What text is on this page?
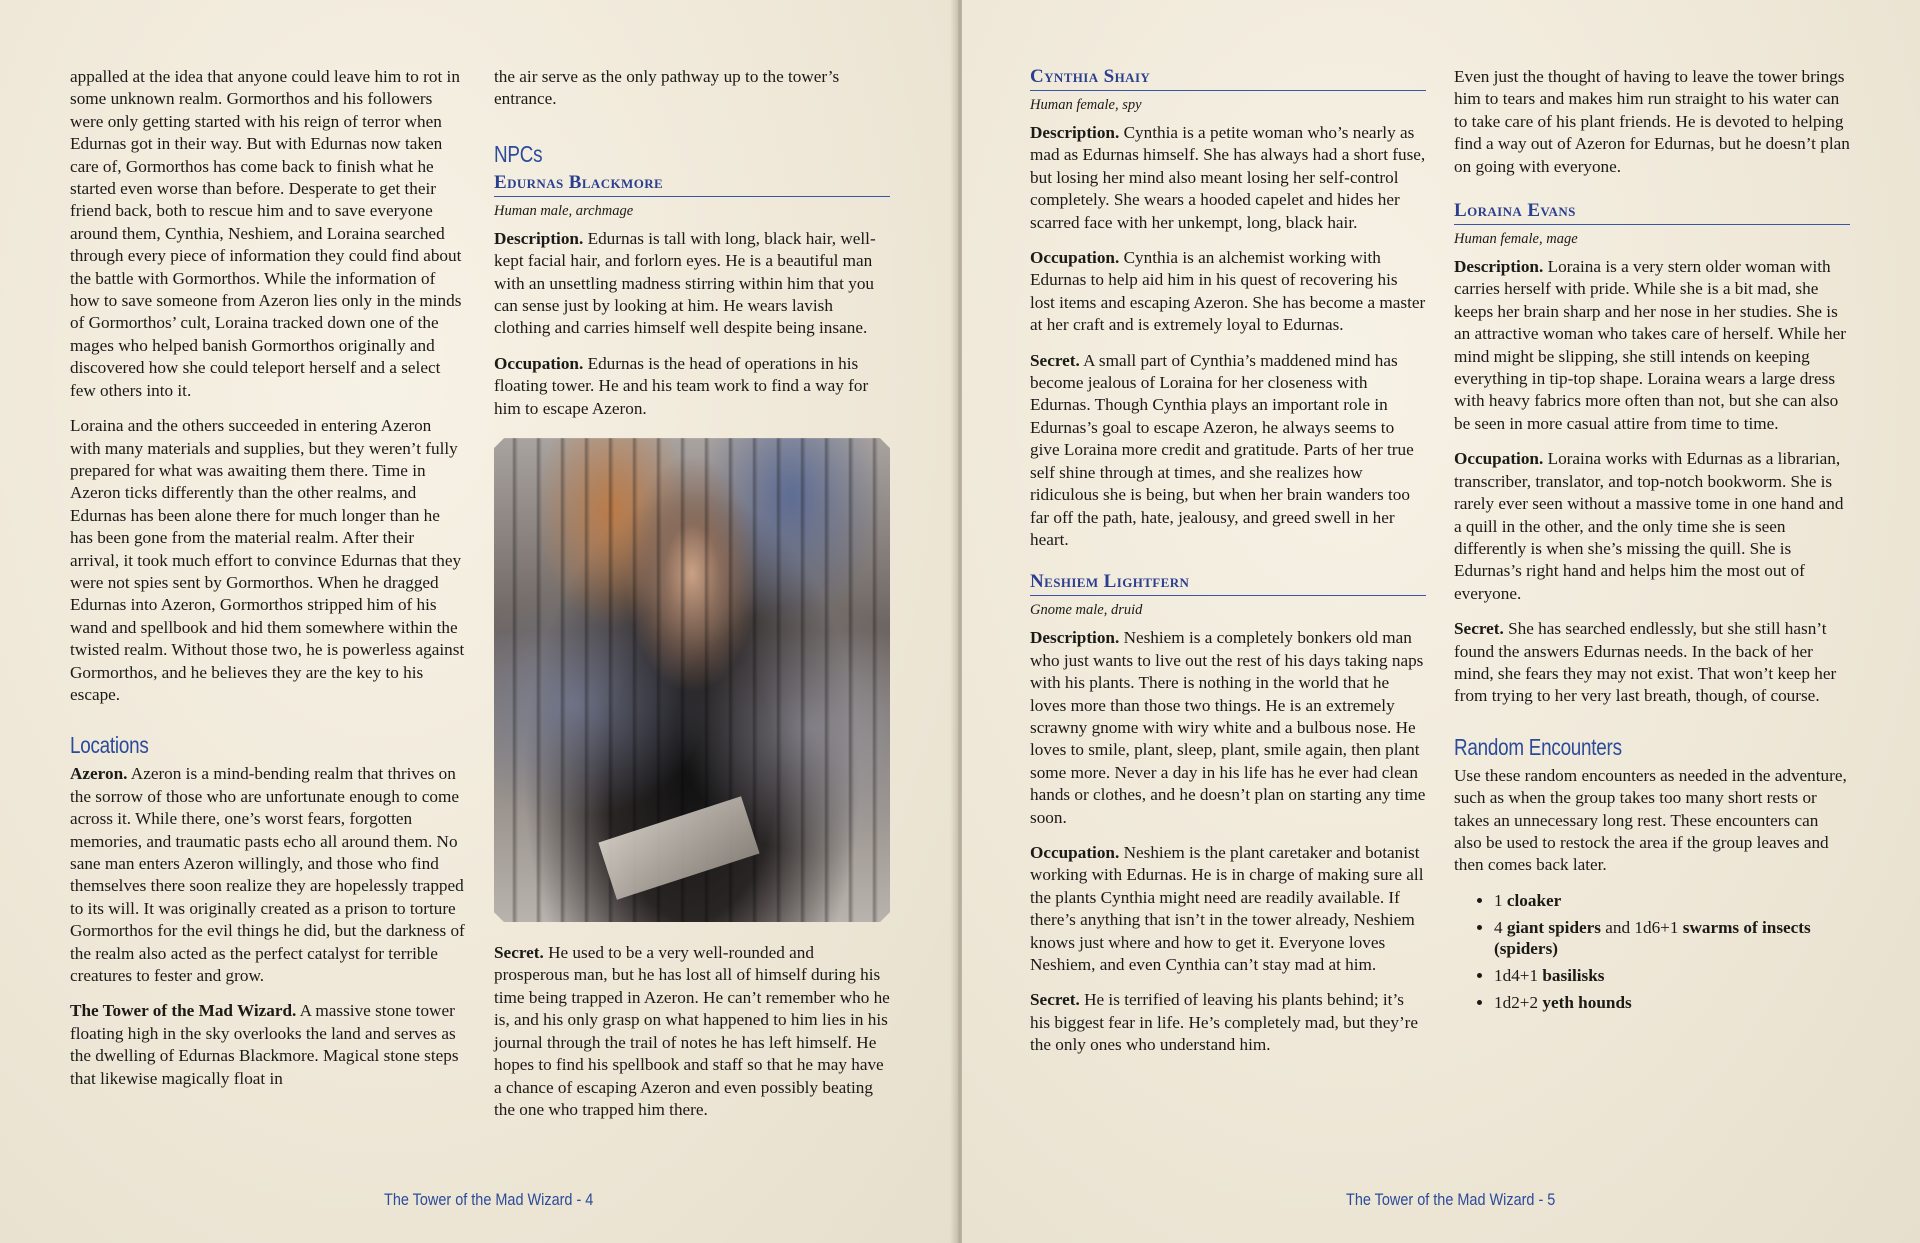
appalled at the idea that anyone could leave him to rot in some unknown realm. Gormorthos and his followers were only getting started with his reign of terror when Edurnas got in their way. But with Edurnas now taken care of, Gormorthos has come back to finish what he started even worse than before. Desperate to get their friend back, both to rescue him and to save everyone around them, Cynthia, Neshiem, and Loraina searched through every piece of information they could find about the battle with Gormorthos. While the information of how to save someone from Azeron lies only in the minds of Gormorthos’ cult, Loraina tracked down one of the mages who helped banish Gormorthos originally and discovered how she could teleport herself and a select few others into it.

Loraina and the others succeeded in entering Azeron with many materials and supplies, but they weren’t fully prepared for what was awaiting them there. Time in Azeron ticks differently than the other realms, and Edurnas has been alone there for much longer than he has been gone from the material realm. After their arrival, it took much effort to convince Edurnas that they were not spies sent by Gormorthos. When he dragged Edurnas into Azeron, Gormorthos stripped him of his wand and spellbook and hid them somewhere within the twisted realm. Without those two, he is powerless against Gormorthos, and he believes they are the key to his escape.

Locations

Azeron. Azeron is a mind-bending realm that thrives on the sorrow of those who are unfortunate enough to come across it. While there, one’s worst fears, forgotten memories, and traumatic pasts echo all around them. No sane man enters Azeron willingly, and those who find themselves there soon realize they are hopelessly trapped to its will. It was originally created as a prison to torture Gormorthos for the evil things he did, but the darkness of the realm also acted as the perfect catalyst for terrible creatures to fester and grow.

The Tower of the Mad Wizard. A massive stone tower floating high in the sky overlooks the land and serves as the dwelling of Edurnas Blackmore. Magical stone steps that likewise magically float in

the air serve as the only pathway up to the tower’s entrance.

NPCs
Edurnas Blackmore
Human male, archmage

Description. Edurnas is tall with long, black hair, well-kept facial hair, and forlorn eyes. He is a beautiful man with an unsettling madness stirring within him that you can sense just by looking at him. He wears lavish clothing and carries himself well despite being insane.

Occupation. Edurnas is the head of operations in his floating tower. He and his team work to find a way for him to escape Azeron.

Secret. He used to be a very well-rounded and prosperous man, but he has lost all of himself during his time being trapped in Azeron. He can’t remember who he is, and his only grasp on what happened to him lies in his journal through the trail of notes he has left himself. He hopes to find his spellbook and staff so that he may have a chance of escaping Azeron and even possibly beating the one who trapped him there.

The Tower of the Mad Wizard - 4
Cynthia Shaiy
Human female, spy

Description. Cynthia is a petite woman who’s nearly as mad as Edurnas himself. She has always had a short fuse, but losing her mind also meant losing her self-control completely. She wears a hooded capelet and hides her scarred face with her unkempt, long, black hair.

Occupation. Cynthia is an alchemist working with Edurnas to help aid him in his quest of recovering his lost items and escaping Azeron. She has become a master at her craft and is extremely loyal to Edurnas.

Secret. A small part of Cynthia’s maddened mind has become jealous of Loraina for her closeness with Edurnas. Though Cynthia plays an important role in Edurnas’s goal to escape Azeron, he always seems to give Loraina more credit and gratitude. Parts of her true self shine through at times, and she realizes how ridiculous she is being, but when her brain wanders too far off the path, hate, jealousy, and greed swell in her heart.

Neshiem Lightfern
Gnome male, druid

Description. Neshiem is a completely bonkers old man who just wants to live out the rest of his days taking naps with his plants. There is nothing in the world that he loves more than those two things. He is an extremely scrawny gnome with wiry white and a bulbous nose. He loves to smile, plant, sleep, plant, smile again, then plant some more. Never a day in his life has he ever had clean hands or clothes, and he doesn’t plan on starting any time soon.

Occupation. Neshiem is the plant caretaker and botanist working with Edurnas. He is in charge of making sure all the plants Cynthia might need are readily available. If there’s anything that isn’t in the tower already, Neshiem knows just where and how to get it. Everyone loves Neshiem, and even Cynthia can’t stay mad at him.

Secret. He is terrified of leaving his plants behind; it’s his biggest fear in life. He’s completely mad, but they’re the only ones who understand him.

Even just the thought of having to leave the tower brings him to tears and makes him run straight to his water can to take care of his plant friends. He is devoted to helping find a way out of Azeron for Edurnas, but he doesn’t plan on going with everyone.

Loraina Evans
Human female, mage

Description. Loraina is a very stern older woman with carries herself with pride. While she is a bit mad, she keeps her brain sharp and her nose in her studies. She is an attractive woman who takes care of herself. While her mind might be slipping, she still intends on keeping everything in tip-top shape. Loraina wears a large dress with heavy fabrics more often than not, but she can also be seen in more casual attire from time to time.

Occupation. Loraina works with Edurnas as a librarian, transcriber, translator, and top-notch bookworm. She is rarely ever seen without a massive tome in one hand and a quill in the other, and the only time she is seen differently is when she’s missing the quill. She is Edurnas’s right hand and helps him the most out of everyone.

Secret. She has searched endlessly, but she still hasn’t found the answers Edurnas needs. In the back of her mind, she fears they may not exist. That won’t keep her from trying to her very last breath, though, of course.

Random Encounters

Use these random encounters as needed in the adventure, such as when the group takes too many short rests or takes an unnecessary long rest. These encounters can also be used to restock the area if the group leaves and then comes back later.

• 1 cloaker
• 4 giant spiders and 1d6+1 swarms of insects (spiders)
• 1d4+1 basilisks
• 1d2+2 yeth hounds
The Tower of the Mad Wizard - 5
